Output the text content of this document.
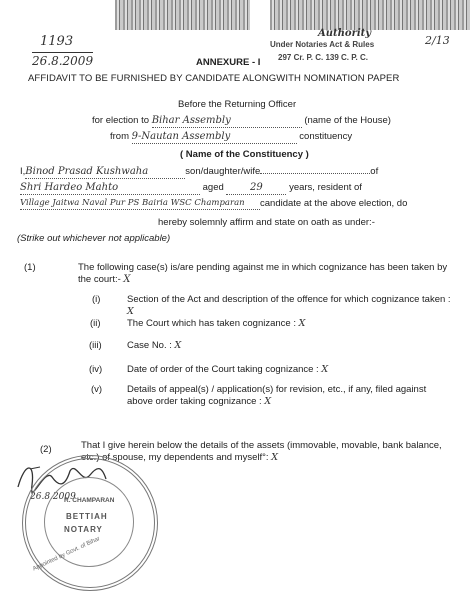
1193
26.8.2009
Authority
Under Notaries Act & Rules
297 Cr. P. C. 139 C. P. C.
2/13
ANNEXURE - I
AFFIDAVIT TO BE FURNISHED BY CANDIDATE ALONGWITH NOMINATION PAPER
Before the Returning Officer
for election to Bihar Assembly	(name of the House)
from 9-Nautan Assembly	constituency
( Name of the Constituency )
I,Binod Prasad Kushwaha	son/daughter/wife	of
Shri Hardeo Mahto	aged	29	years, resident of
Village Jaitwa Naval Pur PS Bairia WSC Champaran candidate at the above election, do
hereby solemnly affirm and state on oath as under:-
(Strike out whichever not applicable)
(1)	The following case(s) is/are pending against me in which cognizance has been taken by the court:- X
(i)	Section of the Act and description of the offence for which cognizance taken : X
(ii)	The Court which has taken cognizance : X
(iii)	Case No. : X
(iv)	Date of order of the Court taking cognizance : X
(v)	Details of appeal(s) / application(s) for revision, etc., if any, filed against above order taking cognizance : X
(2)	That I give herein below the details of the assets (immovable, movable, bank balance, etc.) of spouse, my dependents and myself°: X
26.8.2009
R. CHAMPARAN
BETTIAH
NOTARY
Appointed by Govt. of Bihar
